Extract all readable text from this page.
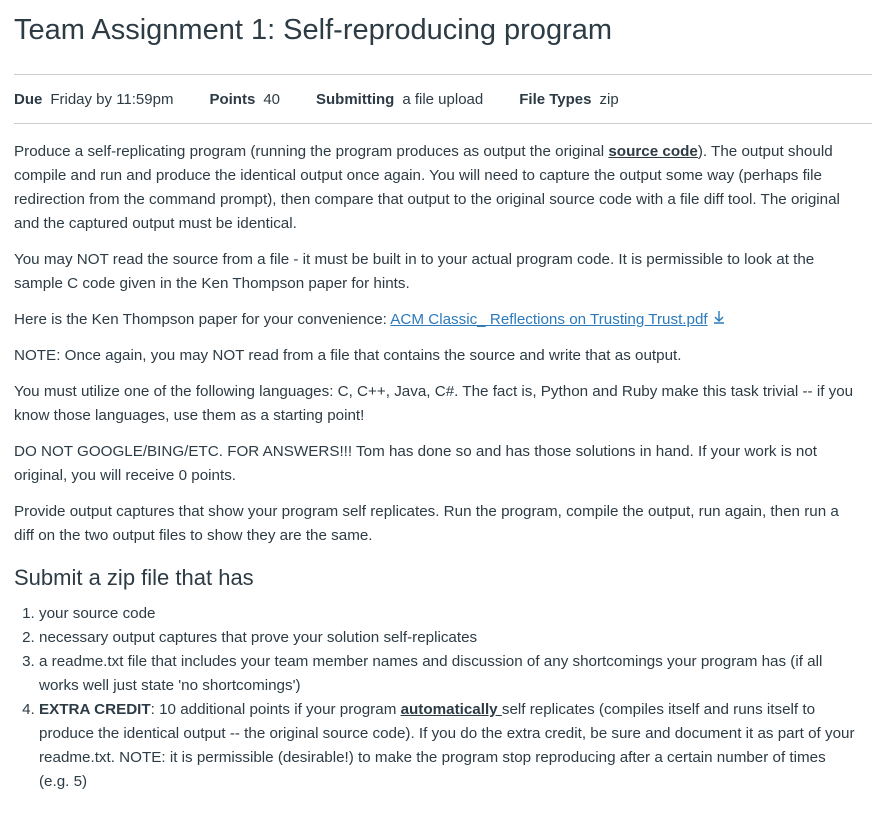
Team Assignment 1: Self-reproducing program
Due Friday by 11:59pm Points 40 Submitting a file upload File Types zip

Produce a self-replicating program (running the program produces as output the original source code). The output should compile and run and produce the identical output once again. You will need to capture the output some way (perhaps file redirection from the command prompt), then compare that output to the original source code with a file diff tool. The original and the captured output must be identical.

You may NOT read the source from a file - it must be built in to your actual program code. It is permissible to look at the sample C code given in the Ken Thompson paper for hints.

Here is the Ken Thompson paper for your convenience: ACM Classic_ Reflections on Trusting Trust.pdf

NOTE: Once again, you may NOT read from a file that contains the source and write that as output.

You must utilize one of the following languages: C, C++, Java, C#. The fact is, Python and Ruby make this task trivial -- if you know those languages, use them as a starting point!

DO NOT GOOGLE/BING/ETC. FOR ANSWERS!!! Tom has done so and has those solutions in hand. If your work is not original, you will receive 0 points.

Provide output captures that show your program self replicates. Run the program, compile the output, run again, then run a diff on the two output files to show they are the same.

Submit a zip file that has
1. your source code
2. necessary output captures that prove your solution self-replicates
3. a readme.txt file that includes your team member names and discussion of any shortcomings your program has (if all works well just state 'no shortcomings')
4. EXTRA CREDIT: 10 additional points if your program automatically self replicates (compiles itself and runs itself to produce the identical output -- the original source code). If you do the extra credit, be sure and document it as part of your readme.txt. NOTE: it is permissible (desirable!) to make the program stop reproducing after a certain number of times (e.g. 5)
